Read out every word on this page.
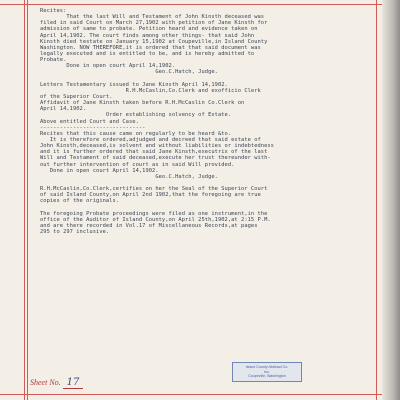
Recites:
That the last Will and Testament of John Kinsth deceased was
filed in said Court on March 27,1902 with petition of Jane Kinsth for
admission of same to probate. Petition heard and evidence taken on
April 14,1902. The court finds among other things- that said John
Kinsth died testate on January 15,1902 at Coupeville,in Island County
Washington. NOW THEREFORE,it is ordered that that said document was
legally executed and is entitled to be, and is hereby admitted to
Probate.
Done in open court April 14,1902.
Geo.C.Hatch, Judge.
Letters Testamentary issued to Jane Kinsth April 14,1902.
R.H.McCaslin,Co.Clerk and exofficio Clerk
of the Superior Court.
Affidavit of Jane Kinsth taken before R.H.McCaslin Co.Clerk on
April 14,1902.
Order establishing solvency of Estate.
Above entitled Court and Case.
--------------------------------
Recites that this cause came on regularly to be heard &to.
It is therefore ordered,adjudged and decreed that said estate of
John Kinsth,deceased,is solvent and without liabilities or indebtedness
and it is further ordered that said Jane Kinsth,executrix of the last
Will and Testament of said deceased,execute her trust thereunder with-
out further intervention of court as in said Will provided.
Done in open court April 14,1902.
Geo.C.Hatch, Judge.
R.H.McCaslin,Co.Clerk,certifies on her the Seal of the Superior Court
of said Island County,on April 2nd 1902,that the foregoing are true
copies of the originals.
The foregoing Probate proceedings were filed as one instrument,in the
office of the Auditor of Island County,on April 25th,1902,at 2:15 P.M.
and are there recorded in Vol.17 of Miscellaneous Records,at pages
295 to 297 inclusive.
Island County Abstract Co.
Inc.
Coupeville, Washington
Sheet No. 17
